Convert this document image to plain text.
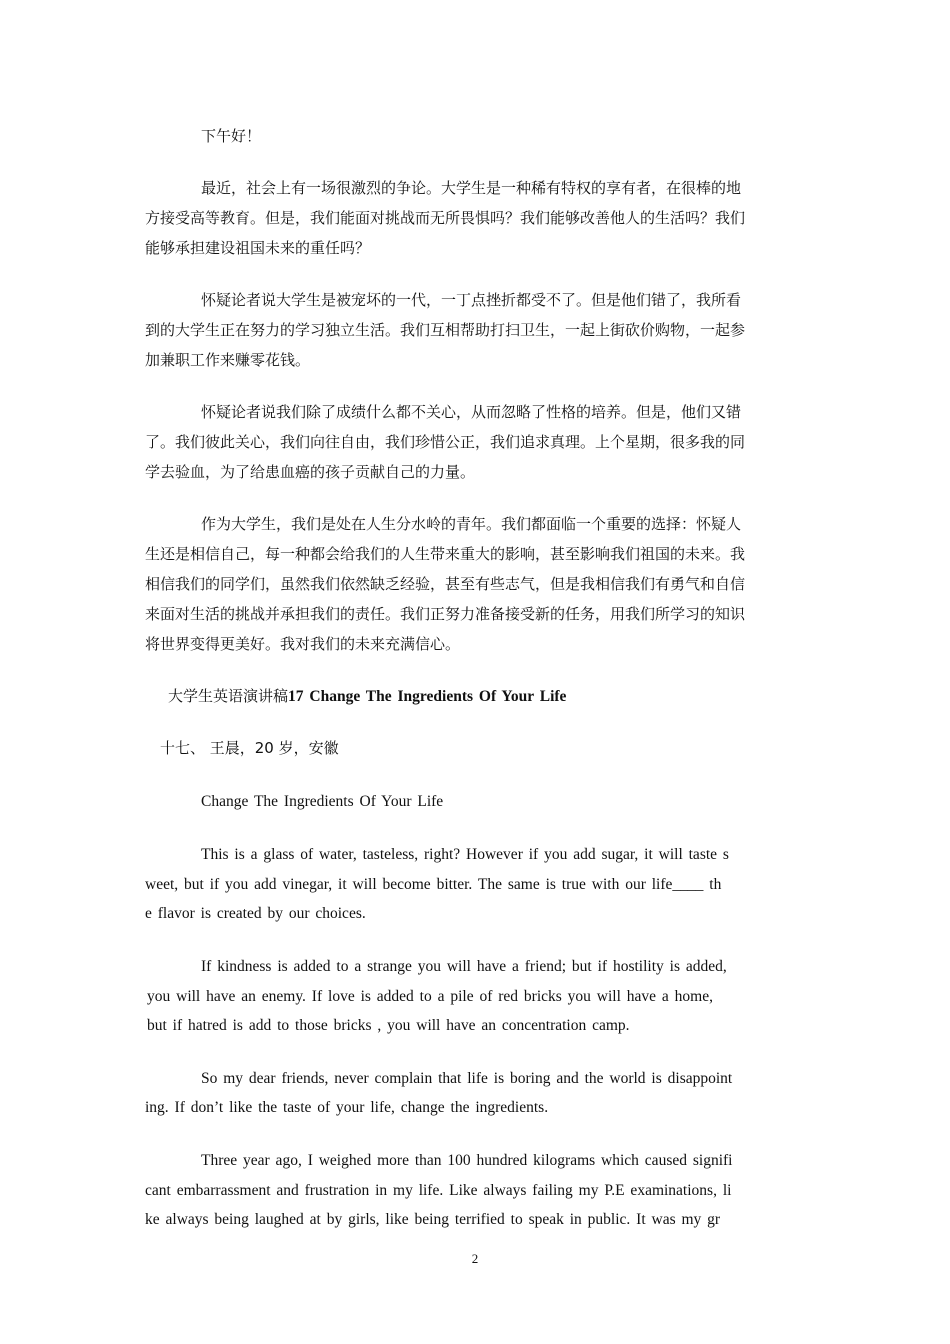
下午好！
最近，社会上有一场很激烈的争论。大学生是一种稀有特权的享有者，在很棒的地
方接受高等教育。但是，我们能面对挑战而无所畏惧吗？我们能够改善他人的生活吗？我们
能够承担建设祖国未来的重任吗？
怀疑论者说大学生是被宠坏的一代，一丁点挫折都受不了。但是他们错了，我所看
到的大学生正在努力的学习独立生活。我们互相帮助打扫卫生，一起上街砍价购物，一起参
加兼职工作来赚零花钱。
怀疑论者说我们除了成绩什么都不关心，从而忽略了性格的培养。但是，他们又错
了。我们彼此关心，我们向往自由，我们珍惜公正，我们追求真理。上个星期，很多我的同
学去验血，为了给患血癌的孩子贡献自己的力量。
作为大学生，我们是处在人生分水岭的青年。我们都面临一个重要的选择：怀疑人
生还是相信自己，每一种都会给我们的人生带来重大的影响，甚至影响我们祖国的未来。我
相信我们的同学们，虽然我们依然缺乏经验，甚至有些志气，但是我相信我们有勇气和自信
来面对生活的挑战并承担我们的责任。我们正努力准备接受新的任务，用我们所学习的知识
将世界变得更美好。我对我们的未来充满信心。
大学生英语演讲稿17 Change The Ingredients Of Your Life
十七、 王晨，20 岁，安徽
Change The Ingredients Of Your Life
This is a glass of water, tasteless, right? However if you add sugar, it will taste s
weet, but if you add vinegar, it will become bitter. The same is true with our life____ th
e flavor is created by our choices.
If kindness is added to a strange you will have a friend; but if hostility is added,
you will have an enemy. If love is added to a pile of red bricks you will have a home,
but if hatred is add to those bricks , you will have an concentration camp.
So my dear friends, never complain that life is boring and the world is disappoint
ing. If don’t like the taste of your life, change the ingredients.
Three year ago, I weighed more than 100 hundred kilograms which caused signifi
cant embarrassment and frustration in my life. Like always failing my P.E examinations, li
ke always being laughed at by girls, like being terrified to speak in public. It was my gr
2
